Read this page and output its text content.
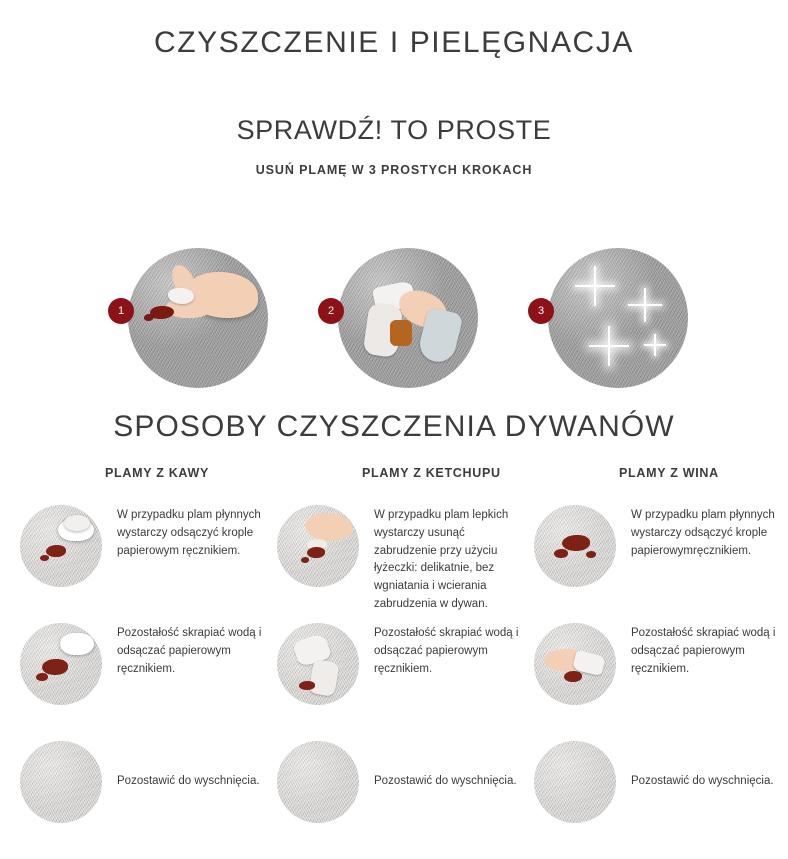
CZYSZCZENIE I PIELĘGNACJA
SPRAWDŹ! TO PROSTE

USUŃ PLAMĘ W 3 PROSTYCH KROKACH

1	2	3
SPOSOBY CZYSZCZENIA DYWANÓW

PLAMY Z KAWY

W przypadku plam płynnych wystarczy odsączyć krople papierowym ręcznikiem.
Pozostałość skrapiać wodą i odsączać papierowym ręcznikiem.
Pozostawić do wyschnięcia.

PLAMY Z KETCHUPU

W przypadku plam lepkich wystarczy usunąć zabrudzenie przy użyciu łyżeczki: delikatnie, bez wgniatania i wcierania zabrudzenia w dywan.
Pozostałość skrapiać wodą i odsączać papierowym ręcznikiem.
Pozostawić do wyschnięcia.

PLAMY Z WINA

W przypadku plam płynnych wystarczy odsączyć krople papierowymręcznikiem.
Pozostałość skrapiać wodą i odsączać papierowym ręcznikiem.
Pozostawić do wyschnięcia.
